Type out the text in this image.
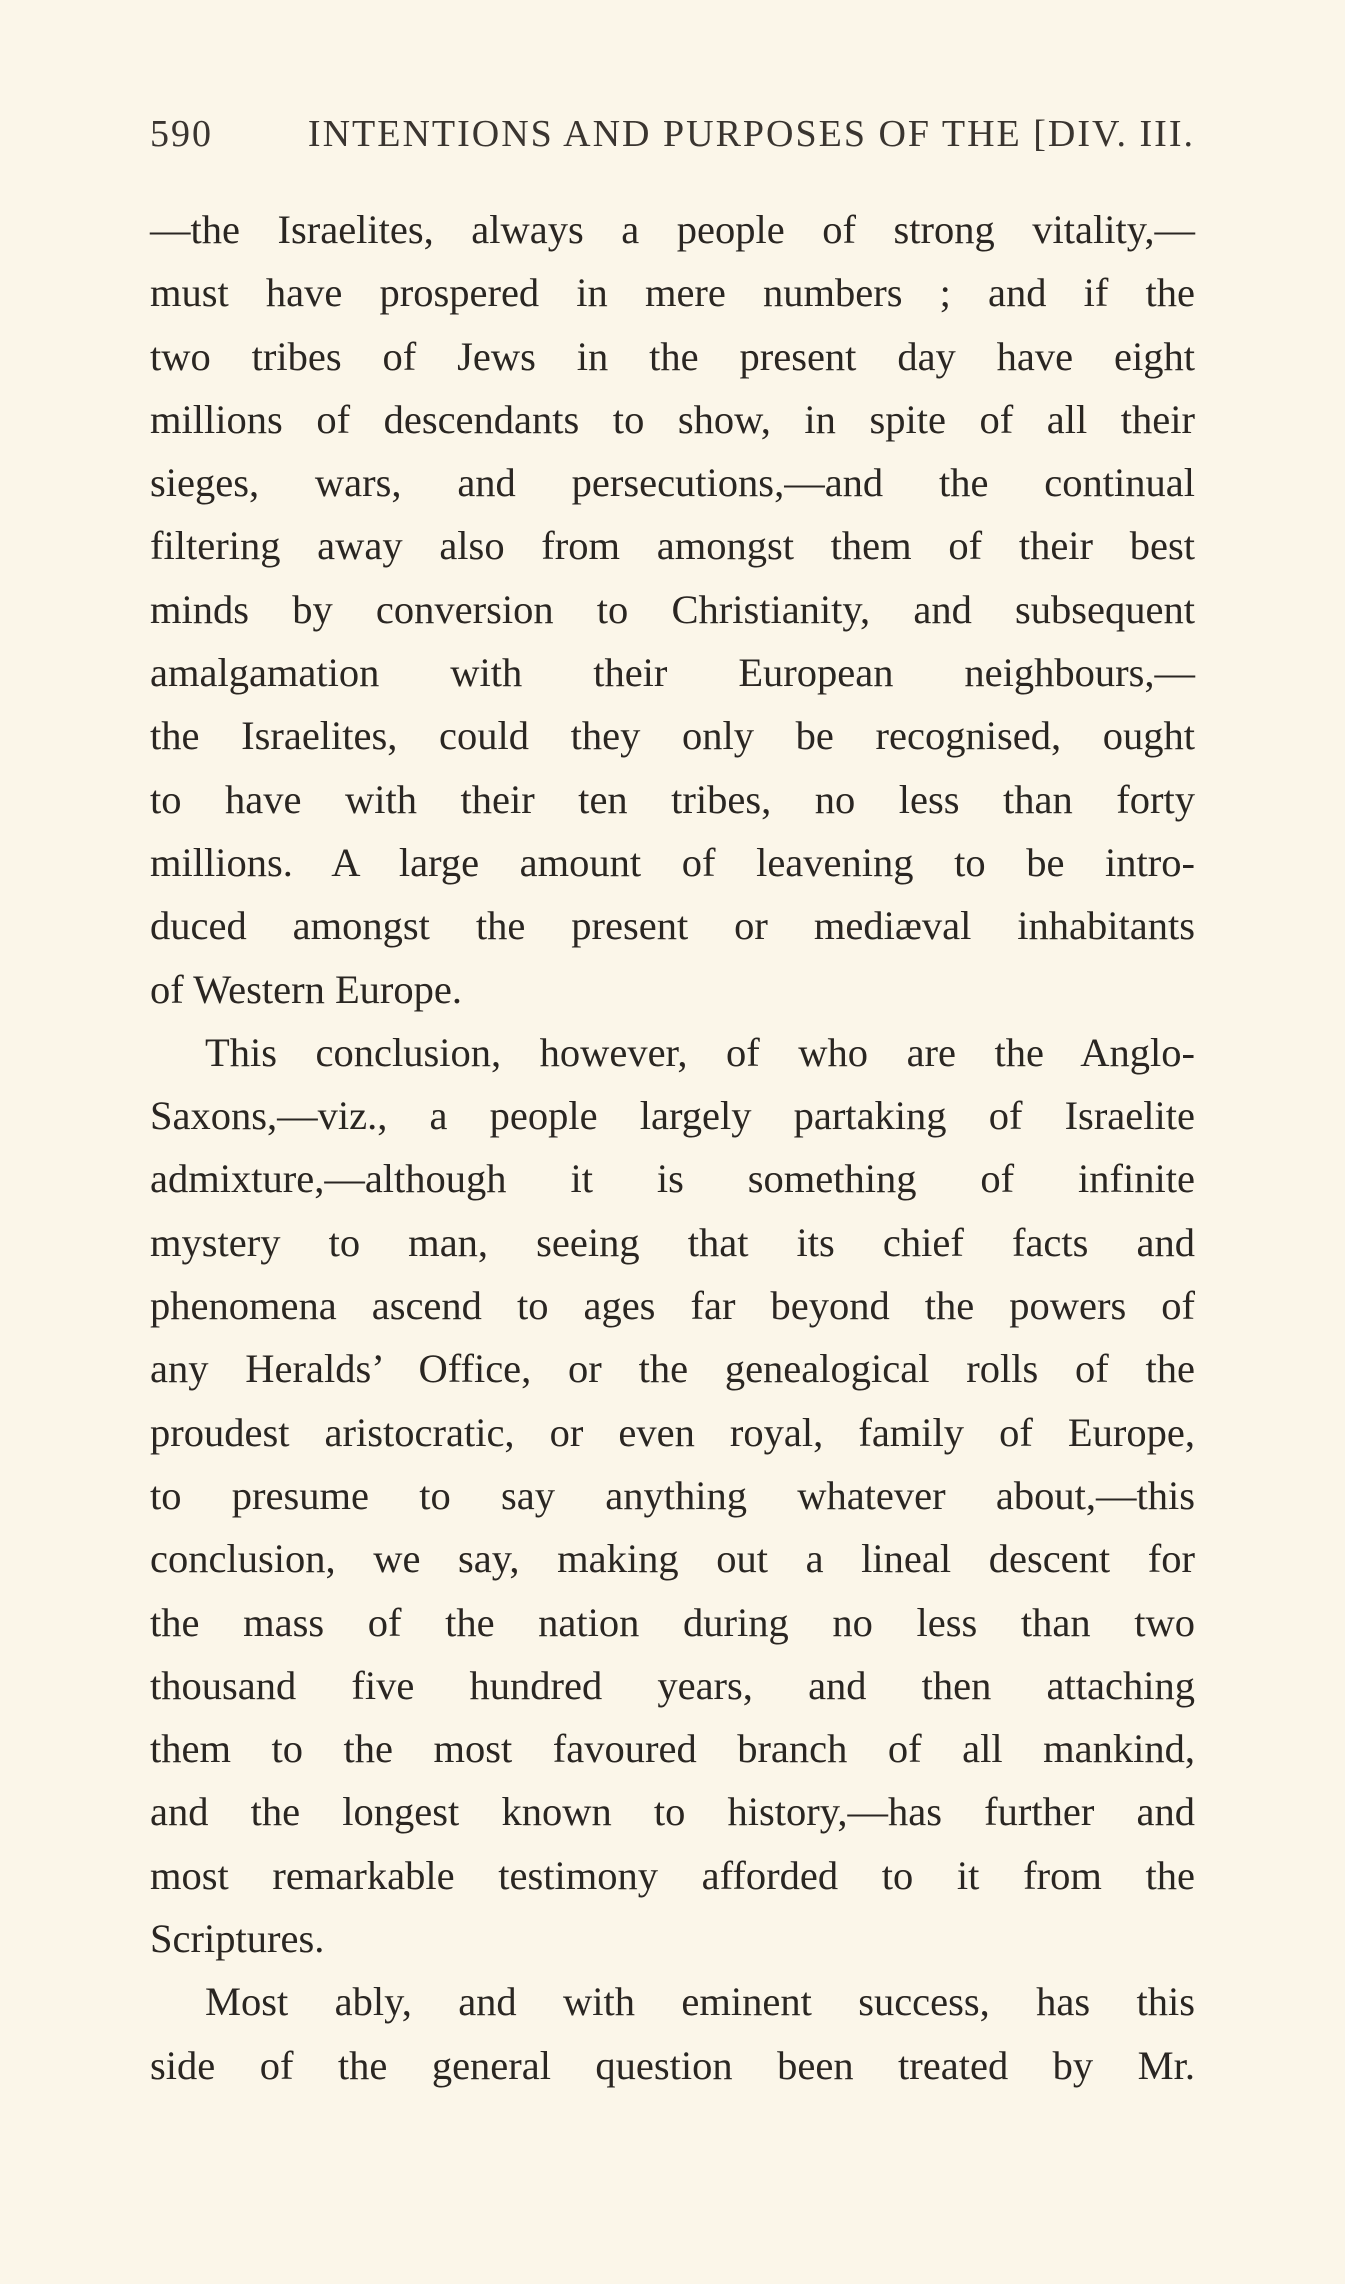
590	INTENTIONS AND PURPOSES OF THE [DIV. III.
—the Israelites, always a people of strong vitality,—
must have prospered in mere numbers ; and if the
two tribes of Jews in the present day have eight
millions of descendants to show, in spite of all their
sieges, wars, and persecutions,—and the continual
filtering away also from amongst them of their best
minds by conversion to Christianity, and subsequent
amalgamation with their European neighbours,—
the Israelites, could they only be recognised, ought
to have with their ten tribes, no less than forty
millions. A large amount of leavening to be intro-
duced amongst the present or mediæval inhabitants
of Western Europe.
This conclusion, however, of who are the Anglo-
Saxons,—viz., a people largely partaking of Israelite
admixture,—although it is something of infinite
mystery to man, seeing that its chief facts and
phenomena ascend to ages far beyond the powers of
any Heralds’ Office, or the genealogical rolls of the
proudest aristocratic, or even royal, family of Europe,
to presume to say anything whatever about,—this
conclusion, we say, making out a lineal descent for
the mass of the nation during no less than two
thousand five hundred years, and then attaching
them to the most favoured branch of all mankind,
and the longest known to history,—has further and
most remarkable testimony afforded to it from the
Scriptures.
Most ably, and with eminent success, has this
side of the general question been treated by Mr.
